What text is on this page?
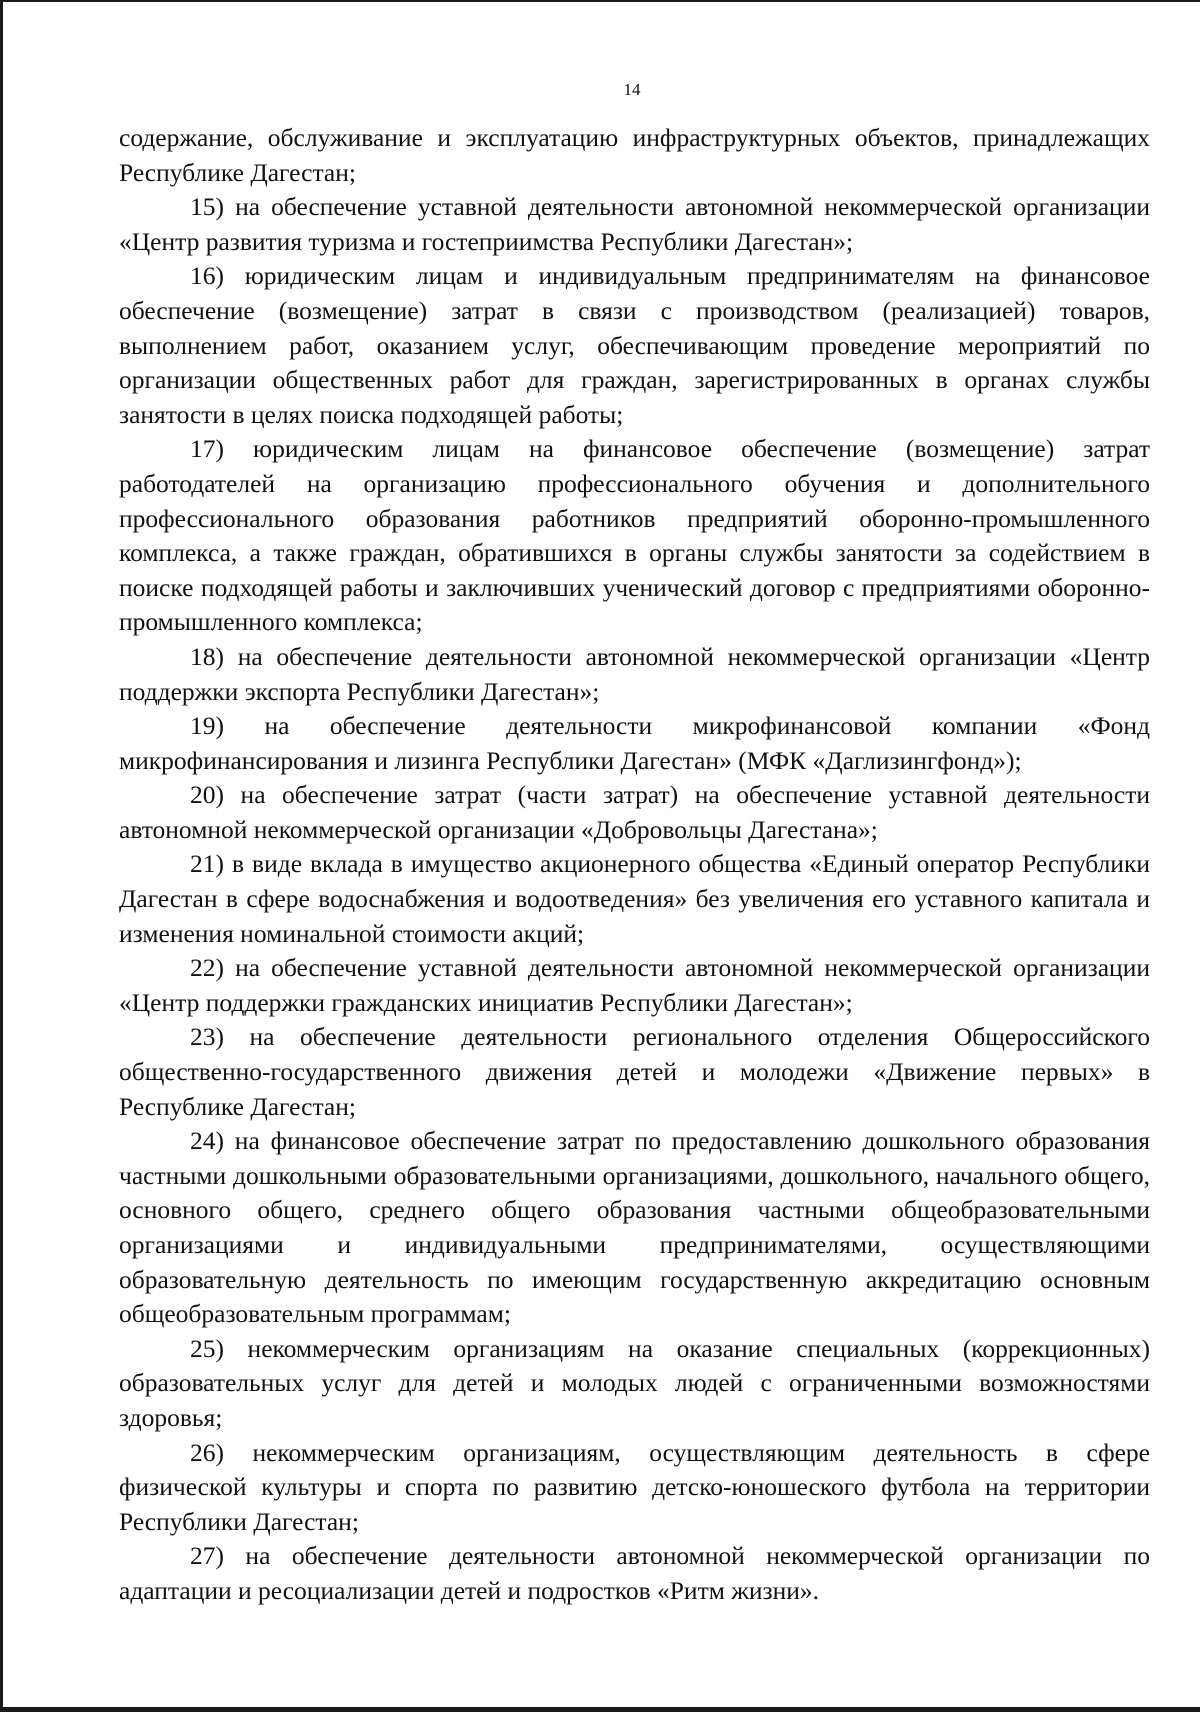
14

содержание, обслуживание и эксплуатацию инфраструктурных объектов, принадлежащих Республике Дагестан;

15) на обеспечение уставной деятельности автономной некоммерческой организации «Центр развития туризма и гостеприимства Республики Дагестан»;

16) юридическим лицам и индивидуальным предпринимателям на финансовое обеспечение (возмещение) затрат в связи с производством (реализацией) товаров, выполнением работ, оказанием услуг, обеспечивающим проведение мероприятий по организации общественных работ для граждан, зарегистрированных в органах службы занятости в целях поиска подходящей работы;

17) юридическим лицам на финансовое обеспечение (возмещение) затрат работодателей на организацию профессионального обучения и дополнительного профессионального образования работников предприятий оборонно-промышленного комплекса, а также граждан, обратившихся в органы службы занятости за содействием в поиске подходящей работы и заключивших ученический договор с предприятиями оборонно-промышленного комплекса;

18) на обеспечение деятельности автономной некоммерческой организации «Центр поддержки экспорта Республики Дагестан»;

19) на обеспечение деятельности микрофинансовой компании «Фонд микрофинансирования и лизинга Республики Дагестан» (МФК «Даглизингфонд»);

20) на обеспечение затрат (части затрат) на обеспечение уставной деятельности автономной некоммерческой организации «Добровольцы Дагестана»;

21) в виде вклада в имущество акционерного общества «Единый оператор Республики Дагестан в сфере водоснабжения и водоотведения» без увеличения его уставного капитала и изменения номинальной стоимости акций;

22) на обеспечение уставной деятельности автономной некоммерческой организации «Центр поддержки гражданских инициатив Республики Дагестан»;

23) на обеспечение деятельности регионального отделения Общероссийского общественно-государственного движения детей и молодежи «Движение первых» в Республике Дагестан;

24) на финансовое обеспечение затрат по предоставлению дошкольного образования частными дошкольными образовательными организациями, дошкольного, начального общего, основного общего, среднего общего образования частными общеобразовательными организациями и индивидуальными предпринимателями, осуществляющими образовательную деятельность по имеющим государственную аккредитацию основным общеобразовательным программам;

25) некоммерческим организациям на оказание специальных (коррекционных) образовательных услуг для детей и молодых людей с ограниченными возможностями здоровья;

26) некоммерческим организациям, осуществляющим деятельность в сфере физической культуры и спорта по развитию детско-юношеского футбола на территории Республики Дагестан;

27) на обеспечение деятельности автономной некоммерческой организации по адаптации и ресоциализации детей и подростков «Ритм жизни».
